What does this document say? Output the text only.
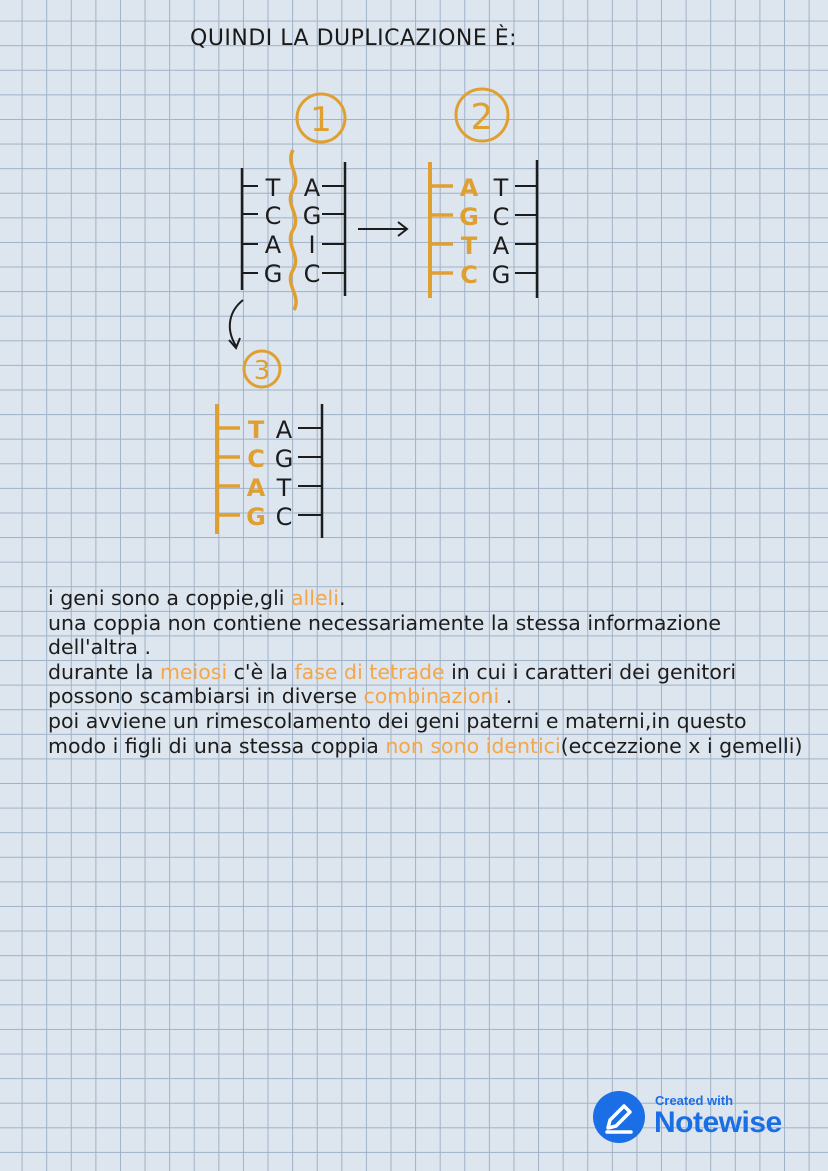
QUINDI LA DUPLICAZIONE È:
1
T
C
A
G
A
G
I
C
2
A
G
T
C
T
C
A
G
3
T
C
A
G
A
G
T
C

i geni sono a coppie,gli alleli.

una coppia non contiene necessariamente la stessa informazione dell'altra .

durante la meiosi c'è la fase di tetrade in cui i caratteri dei genitori possono scambiarsi in diverse combinazioni .

poi avviene un rimescolamento dei geni paterni e materni,in questo modo i figli di una stessa coppia non sono identici(eccezzione x i gemelli)

Created with
Notewise
